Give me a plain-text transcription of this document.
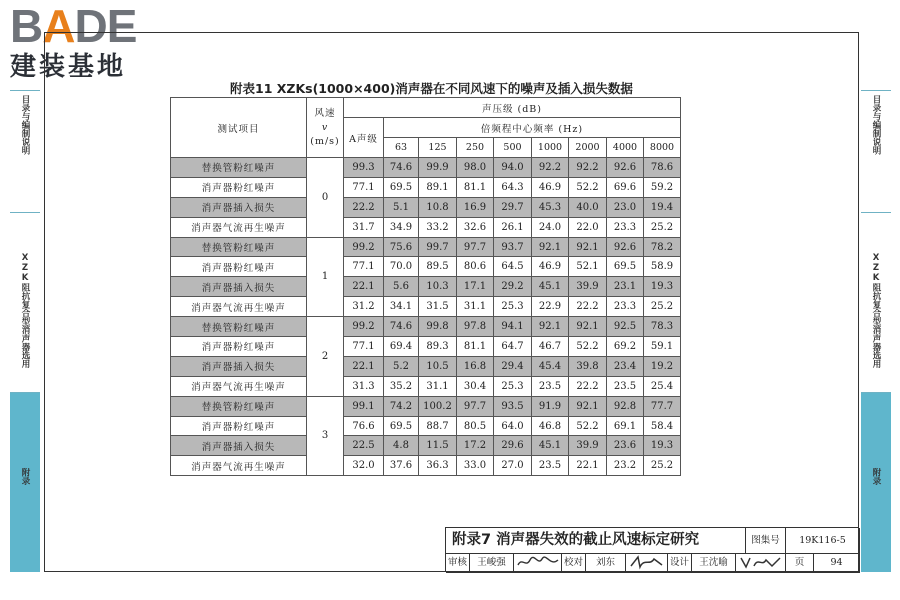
BADE
建装基地
目录与编制说明
XZK阻抗复合型消声器选用
附录
目录与编制说明
XZK阻抗复合型消声器选用
附录
附表11 XZKs(1000×400)消声器在不同风速下的噪声及插入损失数据
测试项目	风速
v
(m/s)	声压级 (dB)								
		A声级	倍频程中心频率 (Hz)							
			63	125	250	500	1000	2000	4000	8000
替换管粉红噪声	0	99.3	74.6	99.9	98.0	94.0	92.2	92.2	92.6	78.6
消声器粉红噪声		77.1	69.5	89.1	81.1	64.3	46.9	52.2	69.6	59.2
消声器插入损失		22.2	5.1	10.8	16.9	29.7	45.3	40.0	23.0	19.4
消声器气流再生噪声		31.7	34.9	33.2	32.6	26.1	24.0	22.0	23.3	25.2
替换管粉红噪声	1	99.2	75.6	99.7	97.7	93.7	92.1	92.1	92.6	78.2
消声器粉红噪声		77.1	70.0	89.5	80.6	64.5	46.9	52.1	69.5	58.9
消声器插入损失		22.1	5.6	10.3	17.1	29.2	45.1	39.9	23.1	19.3
消声器气流再生噪声		31.2	34.1	31.5	31.1	25.3	22.9	22.2	23.3	25.2
替换管粉红噪声	2	99.2	74.6	99.8	97.8	94.1	92.1	92.1	92.5	78.3
消声器粉红噪声		77.1	69.4	89.3	81.1	64.7	46.7	52.2	69.2	59.1
消声器插入损失		22.1	5.2	10.5	16.8	29.4	45.4	39.8	23.4	19.2
消声器气流再生噪声		31.3	35.2	31.1	30.4	25.3	23.5	22.2	23.5	25.4
替换管粉红噪声	3	99.1	74.2	100.2	97.7	93.5	91.9	92.1	92.8	77.7
消声器粉红噪声		76.6	69.5	88.7	80.5	64.0	46.8	52.2	69.1	58.4
消声器插入损失		22.5	4.8	11.5	17.2	29.6	45.1	39.9	23.6	19.3
消声器气流再生噪声		32.0	37.6	36.3	33.0	27.0	23.5	22.1	23.2	25.2
附录7 消声器失效的截止风速标定研究	图集号	19K116-5
审核	王峻强	校对	刘东	设计	王沈喻	页	94
